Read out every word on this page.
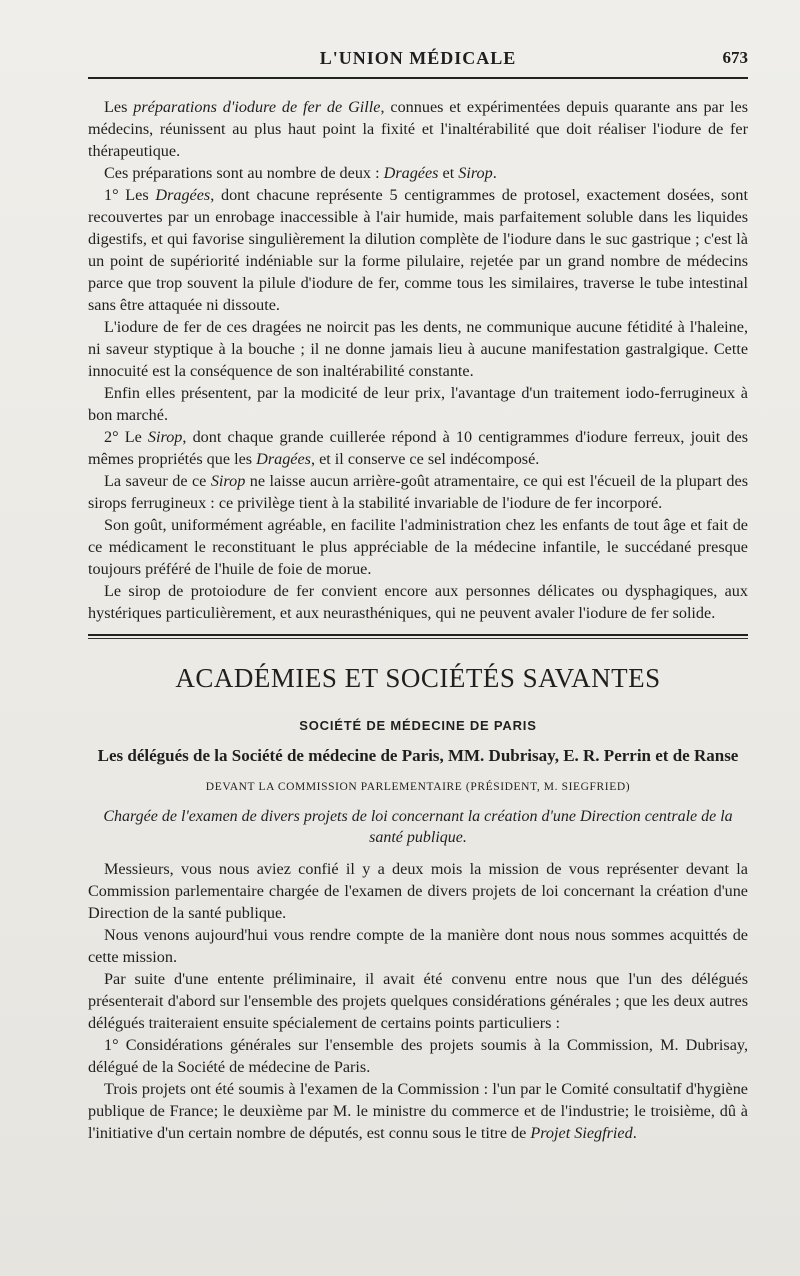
L'UNION MÉDICALE	673

Les préparations d'iodure de fer de Gille, connues et expérimentées depuis quarante ans par les médecins, réunissent au plus haut point la fixité et l'inaltérabilité que doit réaliser l'iodure de fer thérapeutique.

Ces préparations sont au nombre de deux : Dragées et Sirop.

1° Les Dragées, dont chacune représente 5 centigrammes de protosel, exactement dosées, sont recouvertes par un enrobage inaccessible à l'air humide, mais parfaitement soluble dans les liquides digestifs, et qui favorise singulièrement la dilution complète de l'iodure dans le suc gastrique ; c'est là un point de supériorité indéniable sur la forme pilulaire, rejetée par un grand nombre de médecins parce que trop souvent la pilule d'iodure de fer, comme tous les similaires, traverse le tube intestinal sans être attaquée ni dissoute.

L'iodure de fer de ces dragées ne noircit pas les dents, ne communique aucune fétidité à l'haleine, ni saveur styptique à la bouche ; il ne donne jamais lieu à aucune manifestation gastralgique. Cette innocuité est la conséquence de son inaltérabilité constante.

Enfin elles présentent, par la modicité de leur prix, l'avantage d'un traitement iodo-ferrugineux à bon marché.

2° Le Sirop, dont chaque grande cuillerée répond à 10 centigrammes d'iodure ferreux, jouit des mêmes propriétés que les Dragées, et il conserve ce sel indécomposé.

La saveur de ce Sirop ne laisse aucun arrière-goût atramentaire, ce qui est l'écueil de la plupart des sirops ferrugineux : ce privilège tient à la stabilité invariable de l'iodure de fer incorporé.

Son goût, uniformément agréable, en facilite l'administration chez les enfants de tout âge et fait de ce médicament le reconstituant le plus appréciable de la médecine infantile, le succédané presque toujours préféré de l'huile de foie de morue.

Le sirop de protoiodure de fer convient encore aux personnes délicates ou dysphagiques, aux hystériques particulièrement, et aux neurasthéniques, qui ne peuvent avaler l'iodure de fer solide.

ACADÉMIES ET SOCIÉTÉS SAVANTES
SOCIÉTÉ DE MÉDECINE DE PARIS
Les délégués de la Société de médecine de Paris, MM. Dubrisay, E. R. Perrin et de Ranse
DEVANT LA COMMISSION PARLEMENTAIRE (PRÉSIDENT, M. SIEGFRIED)
Chargée de l'examen de divers projets de loi concernant la création d'une Direction centrale de la santé publique.

Messieurs, vous nous aviez confié il y a deux mois la mission de vous représenter devant la Commission parlementaire chargée de l'examen de divers projets de loi concernant la création d'une Direction de la santé publique.

Nous venons aujourd'hui vous rendre compte de la manière dont nous nous sommes acquittés de cette mission.

Par suite d'une entente préliminaire, il avait été convenu entre nous que l'un des délégués présenterait d'abord sur l'ensemble des projets quelques considérations générales ; que les deux autres délégués traiteraient ensuite spécialement de certains points particuliers :

1° Considérations générales sur l'ensemble des projets soumis à la Commission, M. Dubrisay, délégué de la Société de médecine de Paris.

Trois projets ont été soumis à l'examen de la Commission : l'un par le Comité consultatif d'hygiène publique de France; le deuxième par M. le ministre du commerce et de l'industrie; le troisième, dû à l'initiative d'un certain nombre de députés, est connu sous le titre de Projet Siegfried.
